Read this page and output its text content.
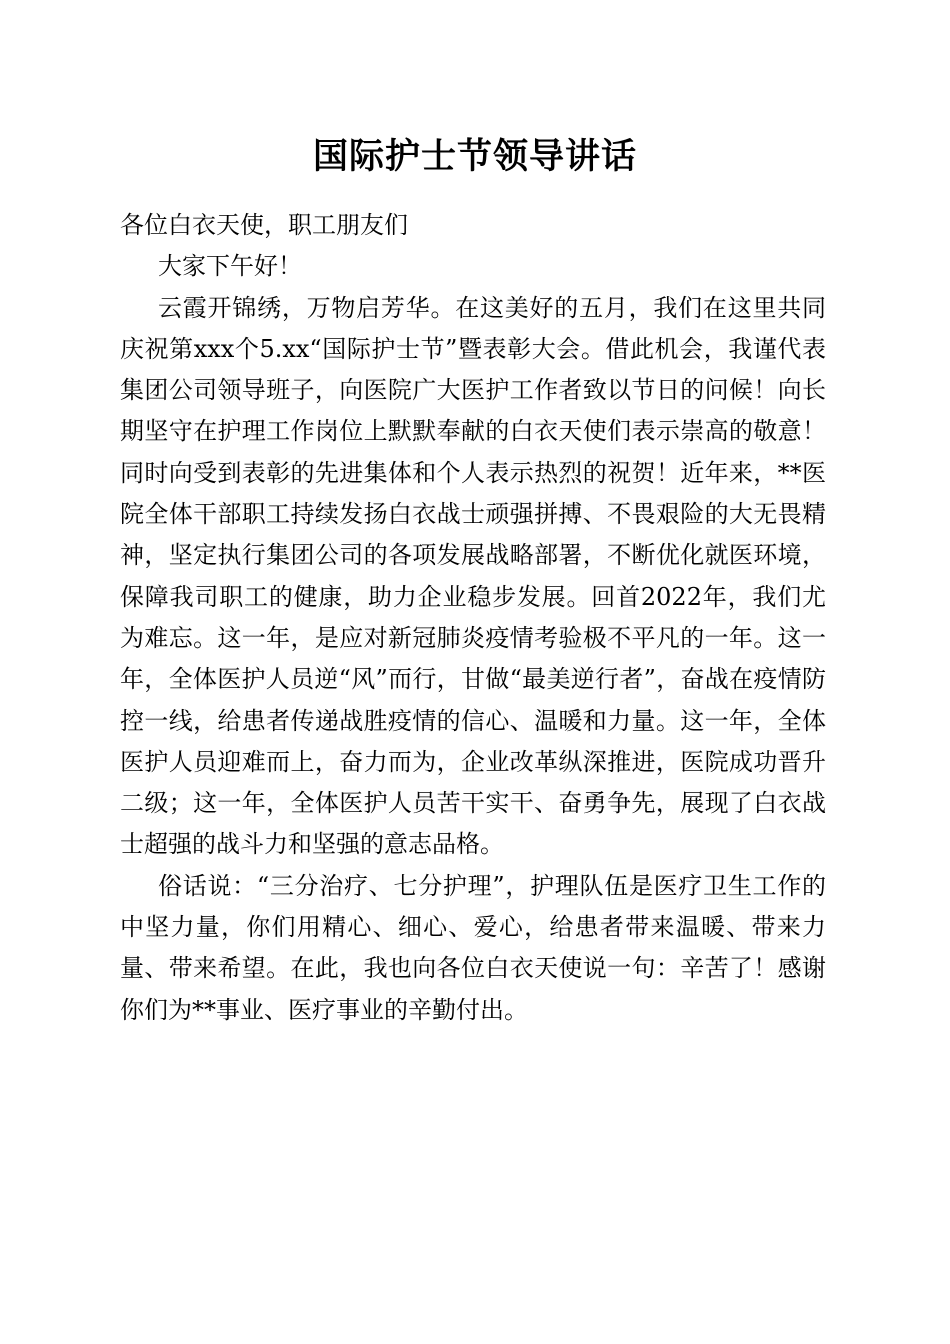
国际护士节领导讲话

各位白衣天使，职工朋友们

大家下午好！

云霞开锦绣，万物启芳华。在这美好的五月，我们在这里共同庆祝第xxx个5.xx“国际护士节”暨表彰大会。借此机会，我谨代表集团公司领导班子，向医院广大医护工作者致以节日的问候！向长期坚守在护理工作岗位上默默奉献的白衣天使们表示崇高的敬意！同时向受到表彰的先进集体和个人表示热烈的祝贺！近年来，**医院全体干部职工持续发扬白衣战士顽强拼搏、不畏艰险的大无畏精神，坚定执行集团公司的各项发展战略部署，不断优化就医环境，保障我司职工的健康，助力企业稳步发展。回首2022年，我们尤为难忘。这一年，是应对新冠肺炎疫情考验极不平凡的一年。这一年，全体医护人员逆“风”而行，甘做“最美逆行者”，奋战在疫情防控一线，给患者传递战胜疫情的信心、温暖和力量。这一年，全体医护人员迎难而上，奋力而为，企业改革纵深推进，医院成功晋升二级；这一年，全体医护人员苦干实干、奋勇争先，展现了白衣战士超强的战斗力和坚强的意志品格。

俗话说：“三分治疗、七分护理”，护理队伍是医疗卫生工作的中坚力量，你们用精心、细心、爱心，给患者带来温暖、带来力量、带来希望。在此，我也向各位白衣天使说一句：辛苦了！感谢你们为**事业、医疗事业的辛勤付出。
